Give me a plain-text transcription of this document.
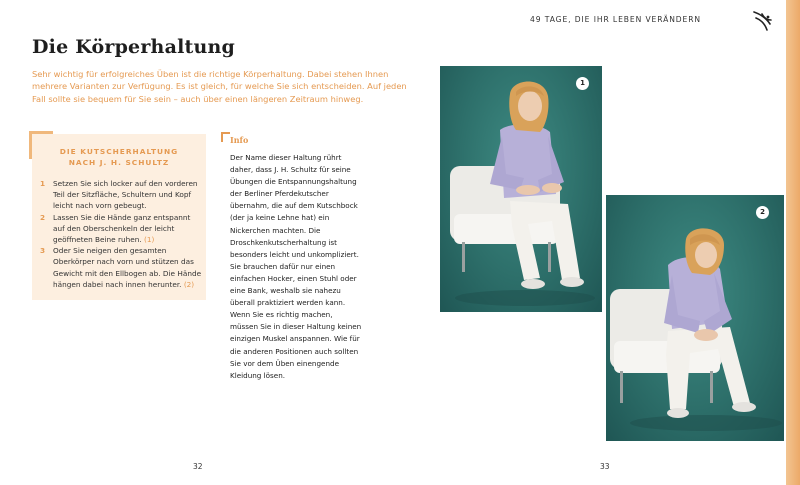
49 TAGE, DIE IHR LEBEN VERÄNDERN
Die Körperhaltung

Sehr wichtig für erfolgreiches Üben ist die richtige Körperhaltung. Dabei stehen Ihnen mehrere Varianten zur Verfügung. Es ist gleich, für welche Sie sich entscheiden. Auf jeden Fall sollte sie bequem für Sie sein – auch über einen längeren Zeitraum hinweg.

DIE KUTSCHERHALTUNG
NACH J. H. SCHULTZ
1 Setzen Sie sich locker auf den vorderen Teil der Sitzfläche, Schultern und Kopf leicht nach vorn gebeugt.
2 Lassen Sie die Hände ganz entspannt auf den Oberschenkeln der leicht geöffneten Beine ruhen. (1)
3 Oder Sie neigen den gesamten Oberkörper nach vorn und stützen das Gewicht mit den Ellbogen ab. Die Hände hängen dabei nach innen herunter. (2)
Info

Der Name dieser Haltung rührt daher, dass J. H. Schultz für seine Übungen die Entspannungshaltung der Berliner Pferdekutscher übernahm, die auf dem Kutschbock (der ja keine Lehne hat) ein Nickerchen machten. Die Droschkenkutscherhaltung ist besonders leicht und unkompliziert. Sie brauchen dafür nur einen einfachen Hocker, einen Stuhl oder eine Bank, weshalb sie nahezu überall praktiziert werden kann. Wenn Sie es richtig machen, müssen Sie in dieser Haltung keinen einzigen Muskel anspannen. Wie für die anderen Positionen auch sollten Sie vor dem Üben einengende Kleidung lösen.

32
1
2
33
